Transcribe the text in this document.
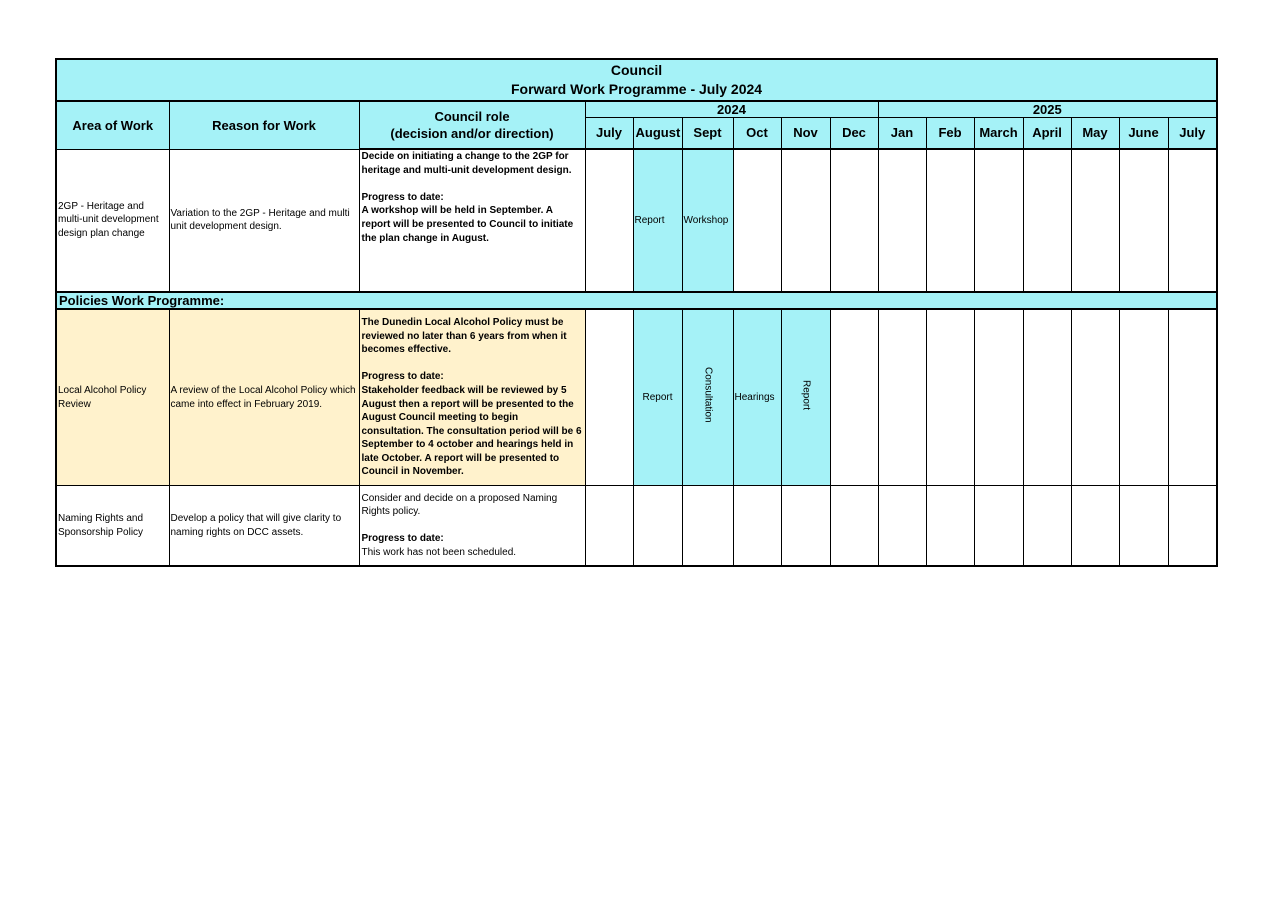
Council
Forward Work Programme - July 2024															

Area of Work	Reason for Work	Council role
(decision and/or direction)	2024						2025						
			July	August	Sept	Oct	Nov	Dec	Jan	Feb	March	April	May	June	July
2GP - Heritage and multi-unit development design plan change	Variation to the 2GP - Heritage and multi unit development design.	Decide on initiating a change to the 2GP for heritage and multi-unit development design.

Progress to date:

A workshop will be held in September. A report will be presented to Council to initiate the plan change in August.		Report	Workshop										
Policies Work Programme:															
Local Alcohol Policy Review	A review of the Local Alcohol Policy which came into effect in February 2019.	The Dunedin Local Alcohol Policy must be reviewed no later than 6 years from when it becomes effective.

Progress to date:

Stakeholder feedback will be reviewed by 5 August then a report will be presented to the August Council meeting to begin consultation. The consultation period will be 6 September to 4 october and hearings held in late October. A report will be presented to Council in November.		Report	Consultation	Hearings	Report								
Naming Rights and Sponsorship Policy	Develop a policy that will give clarity to naming rights on DCC assets.	Consider and decide on a proposed Naming Rights policy.

Progress to date:

This work has not been scheduled.													
